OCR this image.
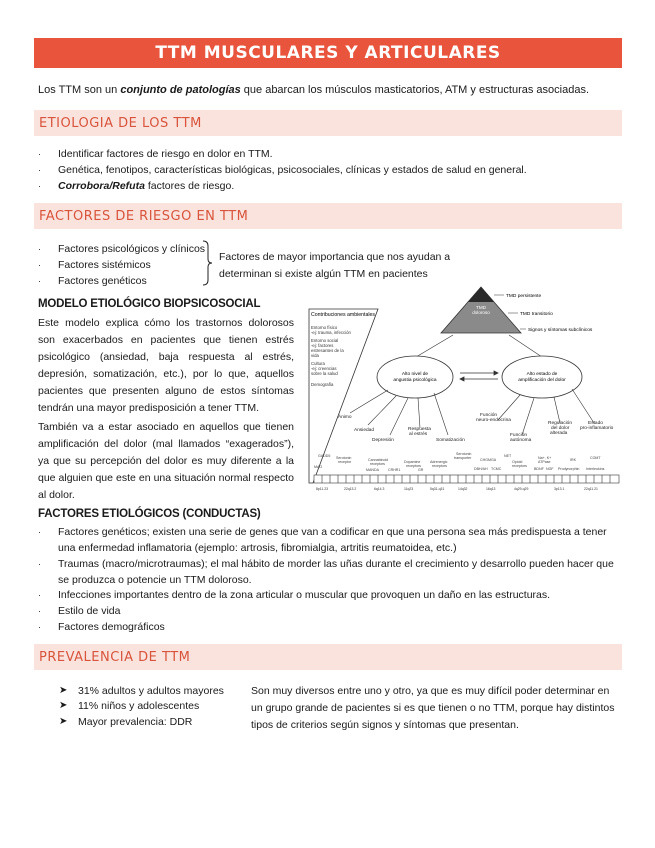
TTM MUSCULARES Y ARTICULARES
Los TTM son un conjunto de patologías que abarcan los músculos masticatorios, ATM y estructuras asociadas.
ETIOLOGIA DE LOS TTM
· Identificar factores de riesgo en dolor en TTM.
· Genética, fenotipos, características biológicas, psicosociales, clínicas y estados de salud en general.
· Corrobora/Refuta factores de riesgo.
FACTORES DE RIESGO EN TTM
· Factores psicológicos y clínicos
· Factores sistémicos
· Factores genéticos
Factores de mayor importancia que nos ayudan a determinan si existe algún TTM en pacientes
MODELO ETIOLÓGICO BIOPSICOSOCIAL
Este modelo explica cómo los trastornos dolorosos son exacerbados en pacientes que tienen estrés psicológico (ansiedad, baja respuesta al estrés, depresión, somatización, etc.), por lo que, aquellos pacientes que presenten alguno de estos síntomas tendrán una mayor predisposición a tener TTM.
También va a estar asociado en aquellos que tienen amplificación del dolor (mal llamados “exagerados”), ya que su percepción del dolor es muy diferente a la que alguien que este en una situación normal respecto al dolor.
Contribuciones ambientales
Entorno físico
-ej: trauma, infección
Entorno social
-ej: factores
estresantes de la
vida
Cultura
-ej: creencias
sobre la salud
Demografía
TMD
doloroso
TMD persistente
TMD transitorio
Signos y síntomas subclínicos
Alto nivel de
angustia psicológica
Alto estado de
amplificación del dolor
Ánimo
Ansiedad
Depresión
Respuesta
al estrés
Somatización
Función
neuro-endocrina
Función
autónoma
Regulación
del dolor
alterada
Estado
pro-inflamatorio
GADD5
MAO
Serotonin
receptor	Cannabinoid
receptors
MANDA	CRHR1
Dopamine
receptors
GR
Adrenergic
receptors
Serotonin
transporter CHGMGA
DBH/AH TCMC
NET
Opioid
receptors
Na+, K+
ATPase
BDNF NGF
IRK
Prodynorphin
COMT
Interleukins
8p11.23	22q13.2	6q14.3	11q23	5q31-q31	14q32	16q13	4q29-q29	3p13.1	22q11.21
FACTORES ETIOLÓGICOS (CONDUCTAS)
· Factores genéticos; existen una serie de genes que van a codificar en que una persona sea más predispuesta a tener una enfermedad inflamatoria (ejemplo: artrosis, fibromialgia, artritis reumatoidea, etc.)
· Traumas (macro/microtraumas); el mal hábito de morder las uñas durante el crecimiento y desarrollo pueden hacer que se produzca o potencie un TTM doloroso.
· Infecciones importantes dentro de la zona articular o muscular que provoquen un daño en las estructuras.
· Estilo de vida
· Factores demográficos
PREVALENCIA DE TTM
➤ 31% adultos y adultos mayores
➤ 11% niños y adolescentes
➤ Mayor prevalencia: DDR
Son muy diversos entre uno y otro, ya que es muy difícil poder determinar en un grupo grande de pacientes si es que tienen o no TTM, porque hay distintos tipos de criterios según signos y síntomas que presentan.
